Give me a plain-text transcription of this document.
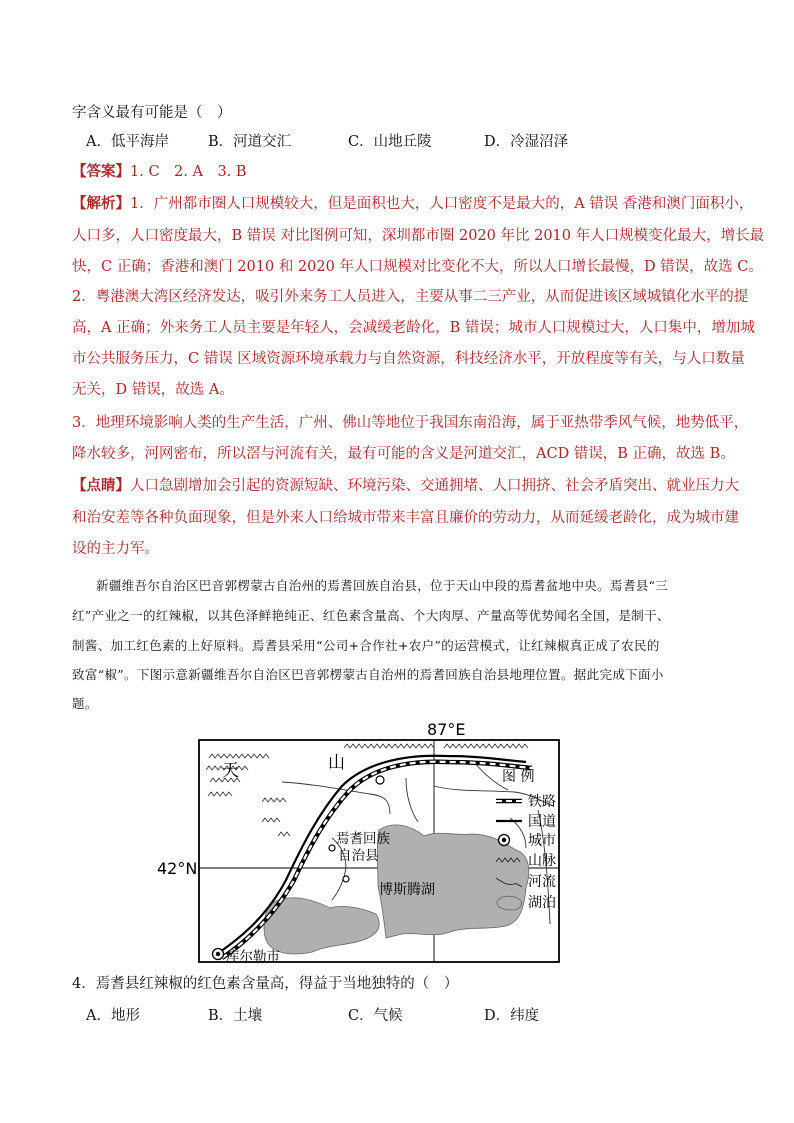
字含义最有可能是（　）
A．低平海岸	B．河道交汇	C．山地丘陵	D．冷湿沼泽
【答案】1. C　2. A　3. B
【解析】1．广州都市圈人口规模较大，但是面积也大，人口密度不是最大的，A 错误 香港和澳门面积小，
人口多，人口密度最大，B 错误 对比图例可知，深圳都市圈 2020 年比 2010 年人口规模变化最大，增长最
快，C 正确；香港和澳门 2010 和 2020 年人口规模对比变化不大，所以人口增长最慢，D 错误，故选 C。
2．粤港澳大湾区经济发达，吸引外来务工人员进入，主要从事二三产业，从而促进该区域城镇化水平的提
高，A 正确；外来务工人员主要是年轻人，会减缓老龄化，B 错误；城市人口规模过大，人口集中，增加城
市公共服务压力，C 错误 区域资源环境承载力与自然资源，科技经济水平，开放程度等有关，与人口数量
无关，D 错误，故选 A。
3．地理环境影响人类的生产生活，广州、佛山等地位于我国东南沿海，属于亚热带季风气候，地势低平，
降水较多，河网密布，所以滘与河流有关，最有可能的含义是河道交汇，ACD 错误，B 正确，故选 B。
【点睛】人口急剧增加会引起的资源短缺、环境污染、交通拥堵、人口拥挤、社会矛盾突出、就业压力大
和治安差等各种负面现象，但是外来人口给城市带来丰富且廉价的劳动力，从而延缓老龄化，成为城市建
设的主力军。
新疆维吾尔自治区巴音郭楞蒙古自治州的焉耆回族自治县，位于天山中段的焉耆盆地中央。焉耆县“三
红”产业之一的红辣椒，以其色泽鲜艳纯正、红色素含量高、个大肉厚、产量高等优势闻名全国，是制干、
制酱、加工红色素的上好原料。焉耆县采用“公司+合作社+农户”的运营模式，让红辣椒真正成了农民的
致富“椒”。下图示意新疆维吾尔自治区巴音郭楞蒙古自治州的焉耆回族自治县地理位置。据此完成下面小
题。
87°E
42°N
天	山
焉耆回族
自治县
博斯腾湖
库尔勒市
图 例
铁路
国道
城市
山脉
河流
湖泊
4．焉耆县红辣椒的红色素含量高，得益于当地独特的（　）
A．地形	B．土壤	C．气候	D．纬度
